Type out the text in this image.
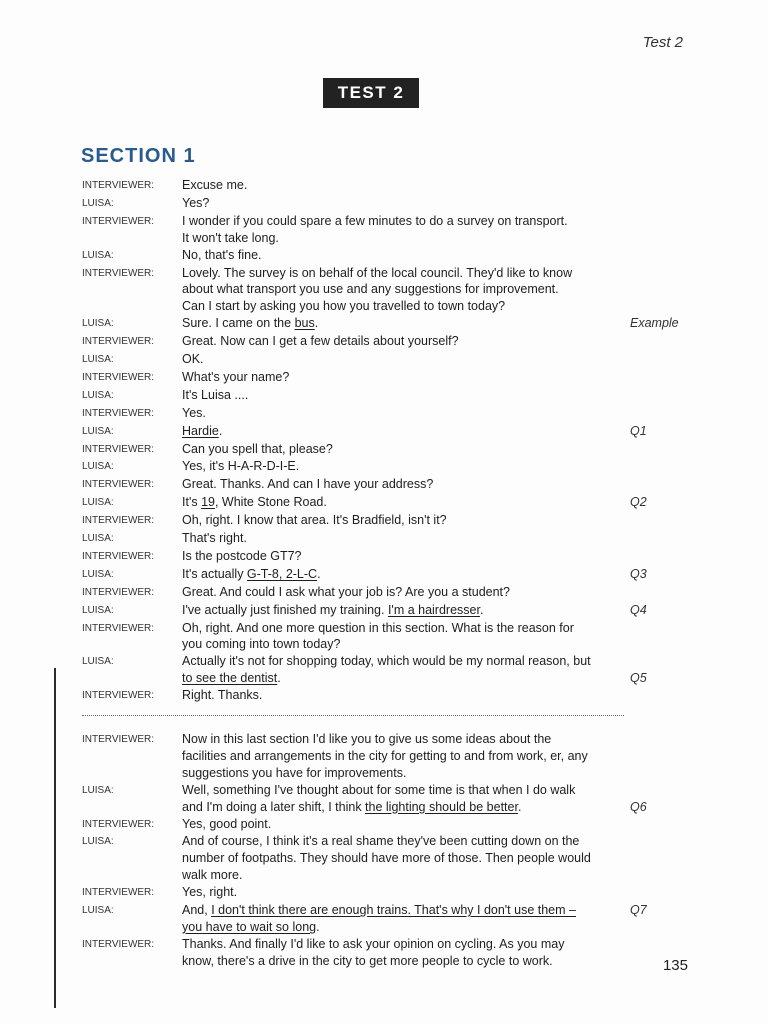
Test 2
TEST 2
SECTION 1
INTERVIEWER:	Excuse me.
LUISA:	Yes?
INTERVIEWER:	I wonder if you could spare a few minutes to do a survey on transport.
It won't take long.
LUISA:	No, that's fine.
INTERVIEWER:	Lovely. The survey is on behalf of the local council. They'd like to know
about what transport you use and any suggestions for improvement.
Can I start by asking you how you travelled to town today?
LUISA:	Sure. I came on the bus.	Example
INTERVIEWER:	Great. Now can I get a few details about yourself?
LUISA:	OK.
INTERVIEWER:	What's your name?
LUISA:	It's Luisa ....
INTERVIEWER:	Yes.
LUISA:	Hardie.	Q1
INTERVIEWER:	Can you spell that, please?
LUISA:	Yes, it's H-A-R-D-I-E.
INTERVIEWER:	Great. Thanks. And can I have your address?
LUISA:	It's 19, White Stone Road.	Q2
INTERVIEWER:	Oh, right. I know that area. It's Bradfield, isn't it?
LUISA:	That's right.
INTERVIEWER:	Is the postcode GT7?
LUISA:	It's actually G-T-8, 2-L-C.	Q3
INTERVIEWER:	Great. And could I ask what your job is? Are you a student?
LUISA:	I've actually just finished my training. I'm a hairdresser.	Q4
INTERVIEWER:	Oh, right. And one more question in this section. What is the reason for
you coming into town today?
LUISA:	Actually it's not for shopping today, which would be my normal reason, but
to see the dentist.	Q5
INTERVIEWER:	Right. Thanks.
INTERVIEWER:	Now in this last section I'd like you to give us some ideas about the
facilities and arrangements in the city for getting to and from work, er, any
suggestions you have for improvements.
LUISA:	Well, something I've thought about for some time is that when I do walk
and I'm doing a later shift, I think the lighting should be better.	Q6
INTERVIEWER:	Yes, good point.
LUISA:	And of course, I think it's a real shame they've been cutting down on the
number of footpaths. They should have more of those. Then people would
walk more.
INTERVIEWER:	Yes, right.
LUISA:	And, I don't think there are enough trains. That's why I don't use them –	Q7
you have to wait so long.
INTERVIEWER:	Thanks. And finally I'd like to ask your opinion on cycling. As you may
know, there's a drive in the city to get more people to cycle to work.	135
